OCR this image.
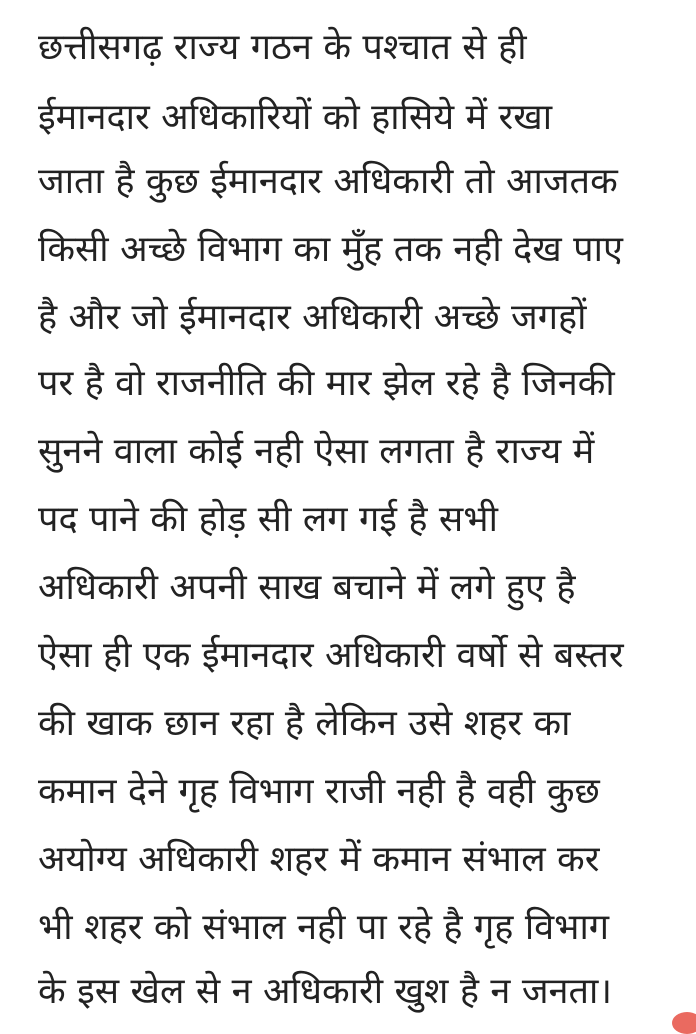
छत्तीसगढ़ राज्य गठन के पश्चात से ही
ईमानदार अधिकारियों को हासिये में रखा
जाता है कुछ ईमानदार अधिकारी तो आजतक
किसी अच्छे विभाग का मुँह तक नही देख पाए
है और जो ईमानदार अधिकारी अच्छे जगहों
पर है वो राजनीति की मार झेल रहे है जिनकी
सुनने वाला कोई नही ऐसा लगता है राज्य में
पद पाने की होड़ सी लग गई है सभी
अधिकारी अपनी साख बचाने में लगे हुए है
ऐसा ही एक ईमानदार अधिकारी वर्षो से बस्तर
की खाक छान रहा है लेकिन उसे शहर का
कमान देने गृह विभाग राजी नही है वही कुछ
अयोग्य अधिकारी शहर में कमान संभाल कर
भी शहर को संभाल नही पा रहे है गृह विभाग
के इस खेल से न अधिकारी खुश है न जनता।
